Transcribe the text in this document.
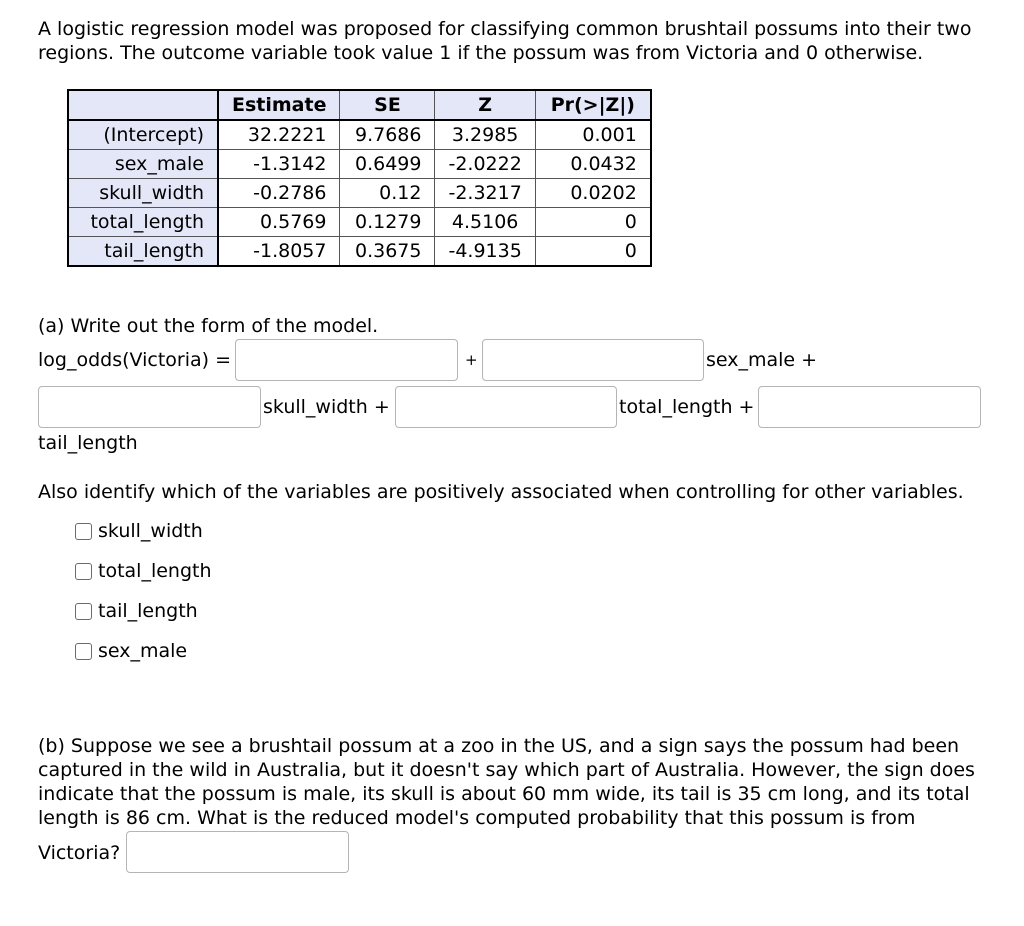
A logistic regression model was proposed for classifying common brushtail possums into their two regions. The outcome variable took value 1 if the possum was from Victoria and 0 otherwise.
	Estimate	SE	Z	Pr(>|Z|)
(Intercept)	32.2221	9.7686	3.2985	0.001
sex_male	-1.3142	0.6499	-2.0222	0.0432
skull_width	-0.2786	0.12	-2.3217	0.0202
total_length	0.5769	0.1279	4.5106	0
tail_length	-1.8057	0.3675	-4.9135	0
(a) Write out the form of the model.
log_odds(Victoria) =	+	sex_male +
skull_width +	total_length +
tail_length
Also identify which of the variables are positively associated when controlling for other variables.
skull_width
total_length
tail_length
sex_male
(b) Suppose we see a brushtail possum at a zoo in the US, and a sign says the possum had been captured in the wild in Australia, but it doesn't say which part of Australia. However, the sign does indicate that the possum is male, its skull is about 60 mm wide, its tail is 35 cm long, and its total length is 86 cm. What is the reduced model's computed probability that this possum is from
Victoria?
